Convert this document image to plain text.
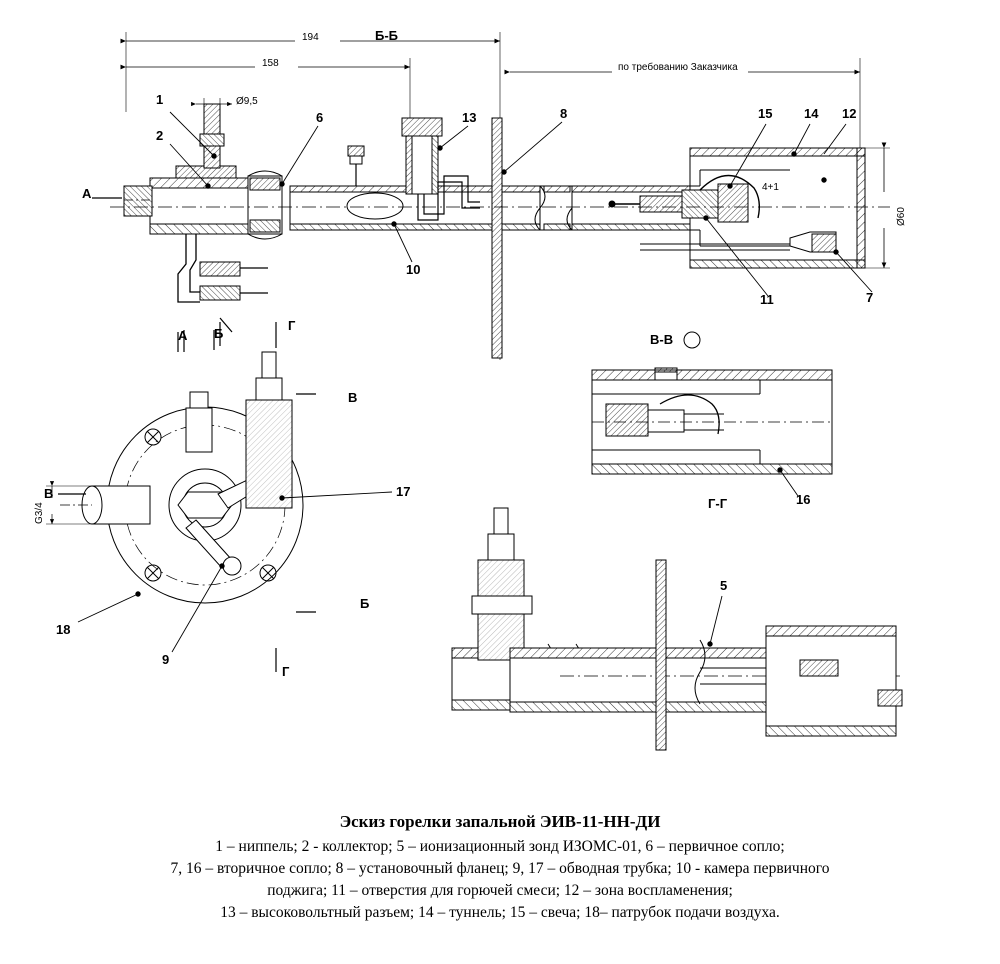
Б-Б
В-В
Г-Г
194
158
Ø9,5
4+1
по требованию Заказчика
Ø60
G3/4
А
А Б
Г
В
В
Б
Г
1
2
6	13	8	15 14 12
10
11	7
17
18
9
16
5
Эскиз горелки запальной ЭИВ-11-НН-ДИ
1 – ниппель; 2 - коллектор; 5 – ионизационный зонд ИЗОМС-01, 6 – первичное сопло;
7, 16 – вторичное сопло; 8 – установочный фланец; 9, 17 – обводная трубка; 10 - камера первичного
поджига; 11 – отверстия для горючей смеси; 12 – зона воспламенения;
13 – высоковольтный разъем; 14 – туннель; 15 – свеча; 18– патрубок подачи воздуха.
